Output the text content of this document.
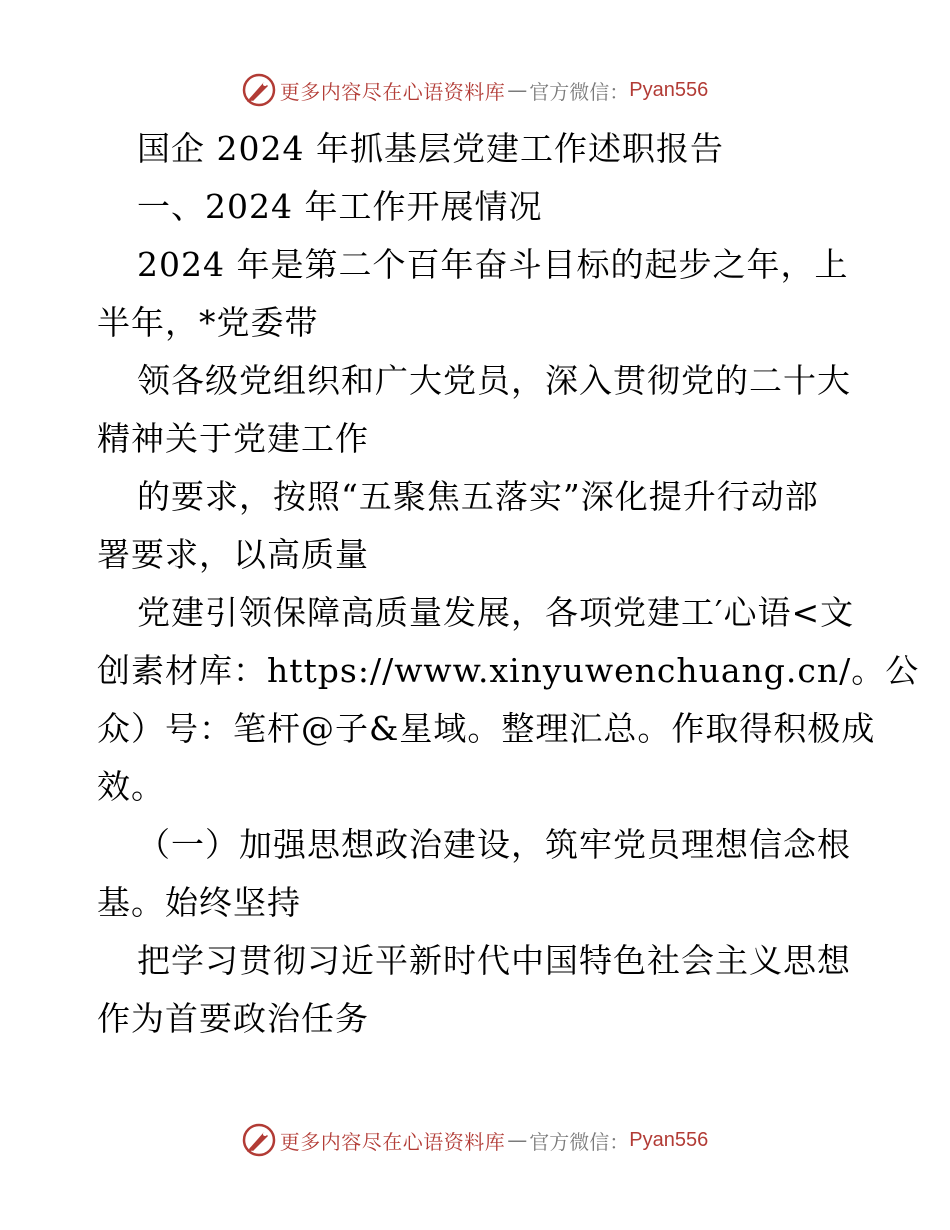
更多内容尽在心语资料库 — 官方微信： Pyan556
国企 2024 年抓基层党建工作述职报告
一、2024 年工作开展情况
2024 年是第二个百年奋斗目标的起步之年，上
半年，*党委带
领各级党组织和广大党员，深入贯彻党的二十大
精神关于党建工作
的要求，按照“五聚焦五落实”深化提升行动部
署要求，以高质量
党建引领保障高质量发展，各项党建工′心语<文
创素材库：https://www.xinyuwenchuang.cn/。公
众）号：笔杆@子&星域。整理汇总。作取得积极成
效。
（一）加强思想政治建设，筑牢党员理想信念根
基。始终坚持
把学习贯彻习近平新时代中国特色社会主义思想
作为首要政治任务
更多内容尽在心语资料库 — 官方微信： Pyan556
